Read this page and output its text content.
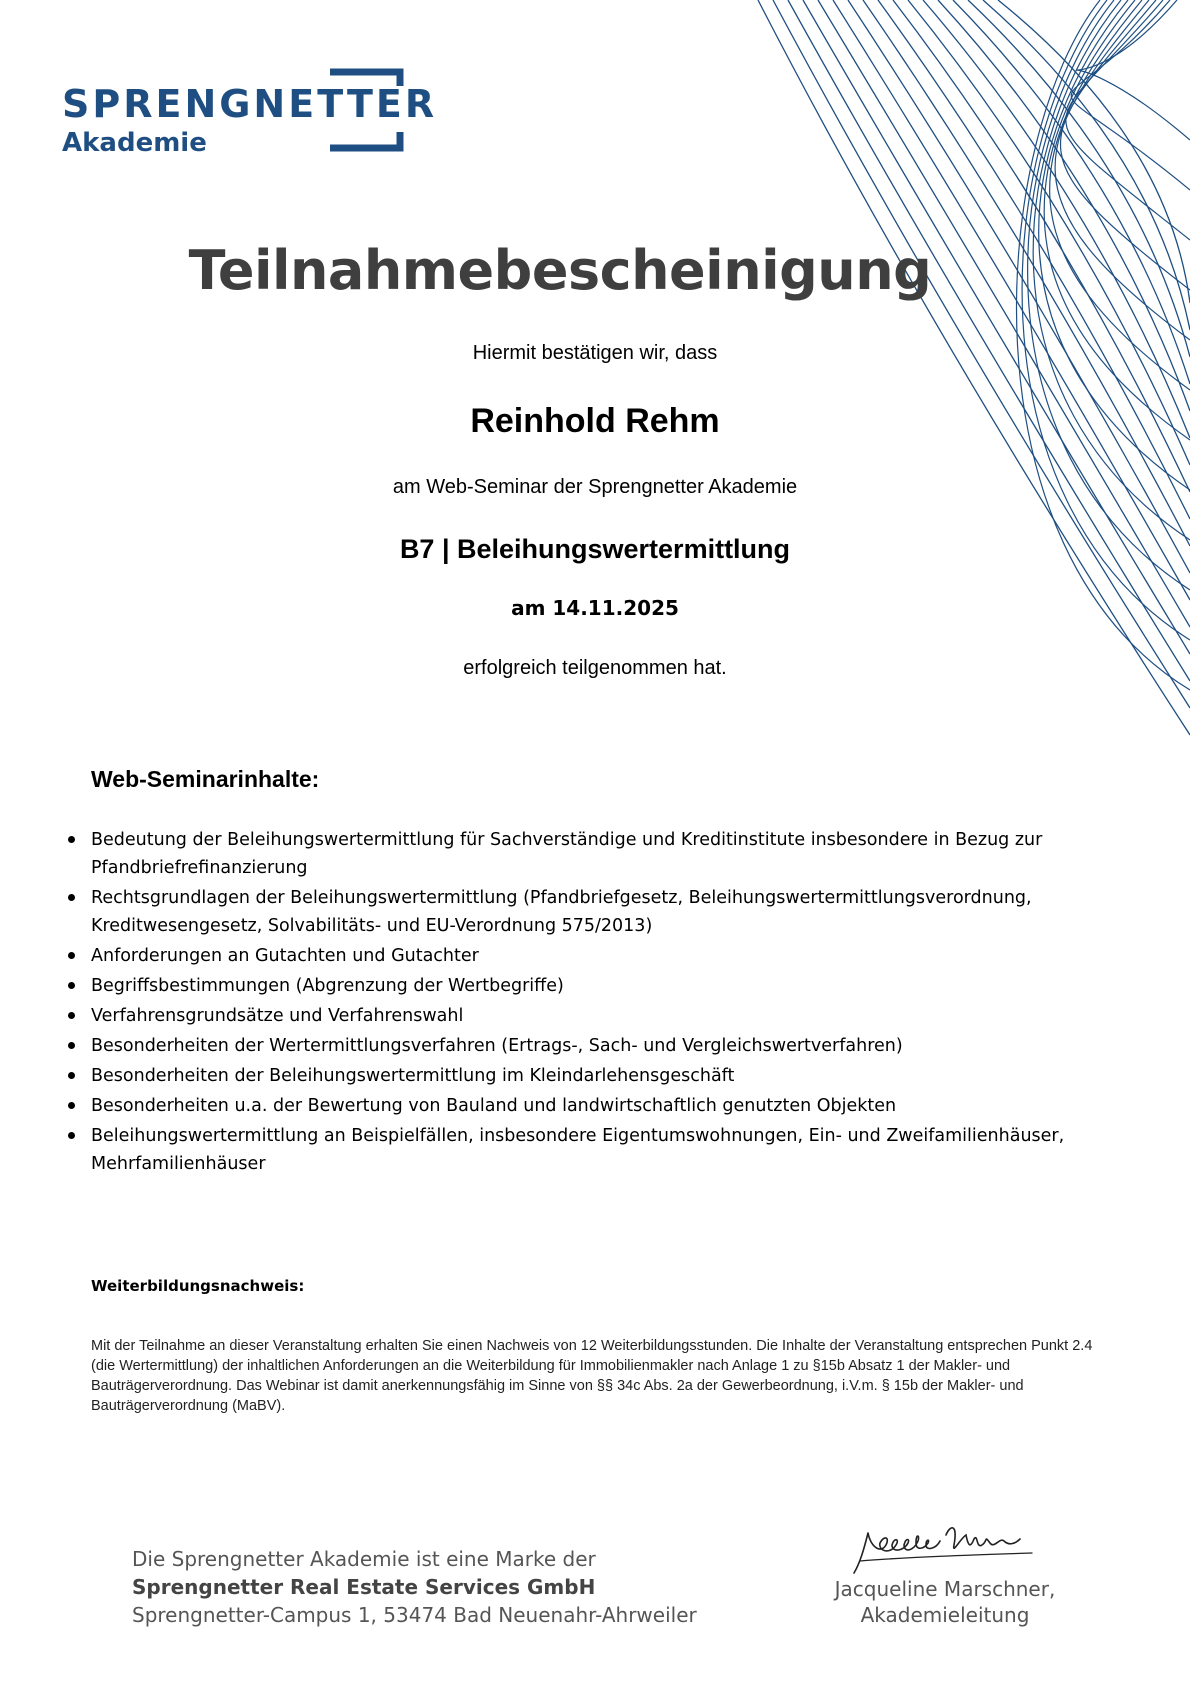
SPRENGNETTER
Akademie
Teilnahmebescheinigung
Hiermit bestätigen wir, dass
Reinhold Rehm
am Web-Seminar der Sprengnetter Akademie
B7 | Beleihungswertermittlung
am 14.11.2025
erfolgreich teilgenommen hat.
Web-Seminarinhalte:
Bedeutung der Beleihungswertermittlung für Sachverständige und Kreditinstitute insbesondere in Bezug zur Pfandbriefrefinanzierung
Rechtsgrundlagen der Beleihungswertermittlung (Pfandbriefgesetz, Beleihungswertermittlungsverordnung, Kreditwesengesetz, Solvabilitäts- und EU-Verordnung 575/2013)
Anforderungen an Gutachten und Gutachter
Begriffsbestimmungen (Abgrenzung der Wertbegriffe)
Verfahrensgrundsätze und Verfahrenswahl
Besonderheiten der Wertermittlungsverfahren (Ertrags-, Sach- und Vergleichswertverfahren)
Besonderheiten der Beleihungswertermittlung im Kleindarlehensgeschäft
Besonderheiten u.a. der Bewertung von Bauland und landwirtschaftlich genutzten Objekten
Beleihungswertermittlung an Beispielfällen, insbesondere Eigentumswohnungen, Ein- und Zweifamilienhäuser, Mehrfamilienhäuser
Weiterbildungsnachweis:
Mit der Teilnahme an dieser Veranstaltung erhalten Sie einen Nachweis von 12 Weiterbildungsstunden. Die Inhalte der Veranstaltung entsprechen Punkt 2.4 (die Wertermittlung) der inhaltlichen Anforderungen an die Weiterbildung für Immobilienmakler nach Anlage 1 zu §15b Absatz 1 der Makler- und Bauträgerverordnung. Das Webinar ist damit anerkennungsfähig im Sinne von §§ 34c Abs. 2a der Gewerbeordnung, i.V.m. § 15b der Makler- und Bauträgerverordnung (MaBV).
Die Sprengnetter Akademie ist eine Marke der
Sprengnetter Real Estate Services GmbH
Sprengnetter-Campus 1, 53474 Bad Neuenahr-Ahrweiler
Jacqueline Marschner,
Akademieleitung
